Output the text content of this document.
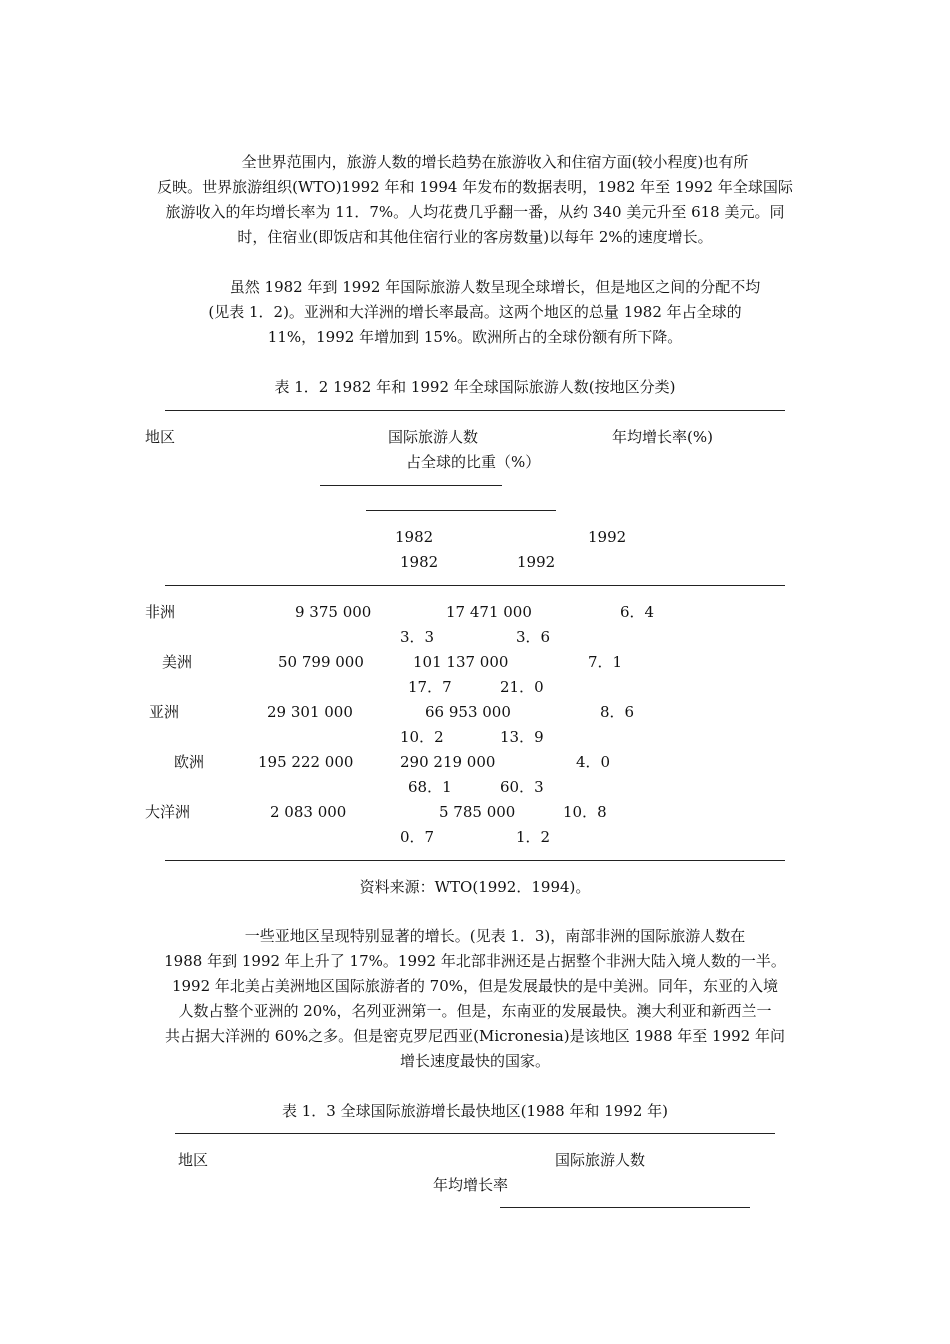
全世界范围内，旅游人数的增长趋势在旅游收入和住宿方面(较小程度)也有所
反映。世界旅游组织(WTO)1992 年和 1994 年发布的数据表明，1982 年至 1992 年全球国际
旅游收入的年均增长率为 11．7%。人均花费几乎翻一番，从约 340 美元升至 618 美元。同
时，住宿业(即饭店和其他住宿行业的客房数量)以每年 2%的速度增长。
虽然 1982 年到 1992 年国际旅游人数呈现全球增长，但是地区之间的分配不均
(见表 1．2)。亚洲和大洋洲的增长率最高。这两个地区的总量 1982 年占全球的
11%，1992 年增加到 15%。欧洲所占的全球份额有所下降。
表 1．2 1982 年和 1992 年全球国际旅游人数(按地区分类)
地区	国际旅游人数	年均增长率(%)
占全球的比重（%）
1982	1992
1982	1992
非洲	9 375 000	17 471 000	6．4
3．3	3．6
美洲	50 799 000	101 137 000	7．1
17．7	21．0
亚洲	29 301 000	66 953 000	8．6
10．2	13．9
欧洲	195 222 000	290 219 000	4．0
68．1	60．3
大洋洲	2 083 000	5 785 000	10．8
0．7	1．2
资料来源：WTO(1992．1994)。
一些亚地区呈现特别显著的增长。(见表 1．3)，南部非洲的国际旅游人数在
1988 年到 1992 年上升了 17%。1992 年北部非洲还是占据整个非洲大陆入境人数的一半。
1992 年北美占美洲地区国际旅游者的 70%，但是发展最快的是中美洲。同年，东亚的入境
人数占整个亚洲的 20%，名列亚洲第一。但是，东南亚的发展最快。澳大利亚和新西兰一
共占据大洋洲的 60%之多。但是密克罗尼西亚(Micronesia)是该地区 1988 年至 1992 年问
增长速度最快的国家。
表 1．3 全球国际旅游增长最快地区(1988 年和 1992 年)
地区	国际旅游人数
年均增长率
